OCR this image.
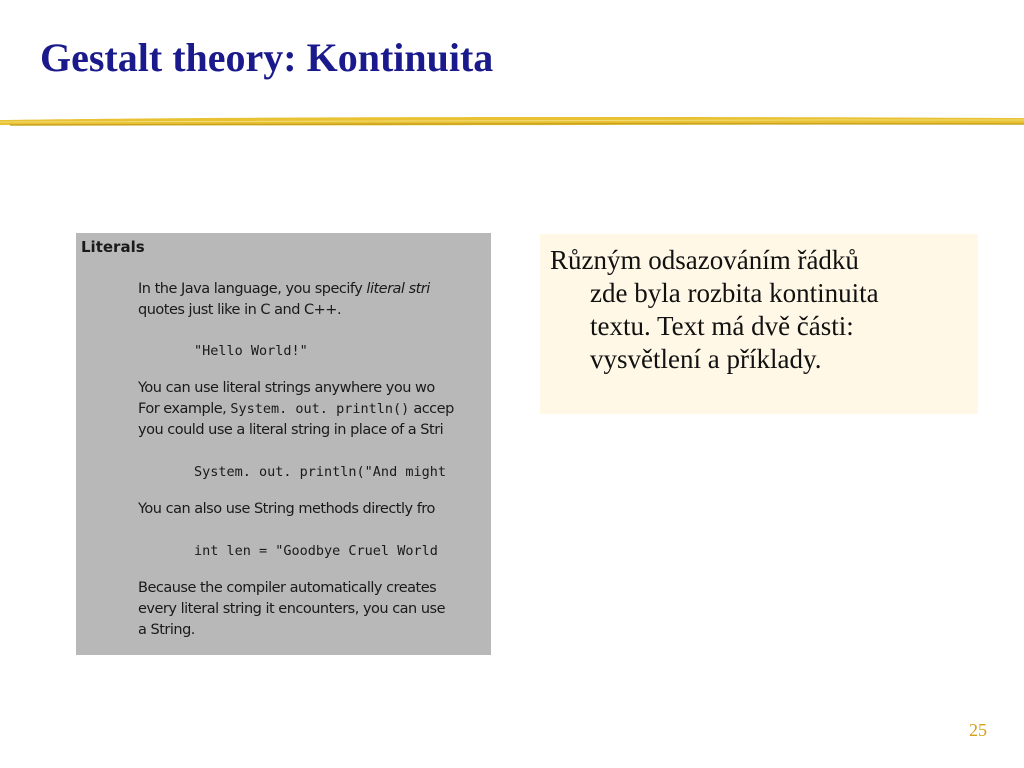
Gestalt theory: Kontinuita
Literals
In the Java language, you specify literal stri
quotes just like in C and C++.
"Hello World!"
You can use literal strings anywhere you wo
For example, System. out. println() accep
you could use a literal string in place of a Stri
System. out. println("And might
You can also use String methods directly fro
int len = "Goodbye Cruel World
Because the compiler automatically creates
every literal string it encounters, you can use
a String.
Různým odsazováním řádků
zde byla rozbita kontinuita
textu. Text má dvě části:
vysvětlení a příklady.
25
